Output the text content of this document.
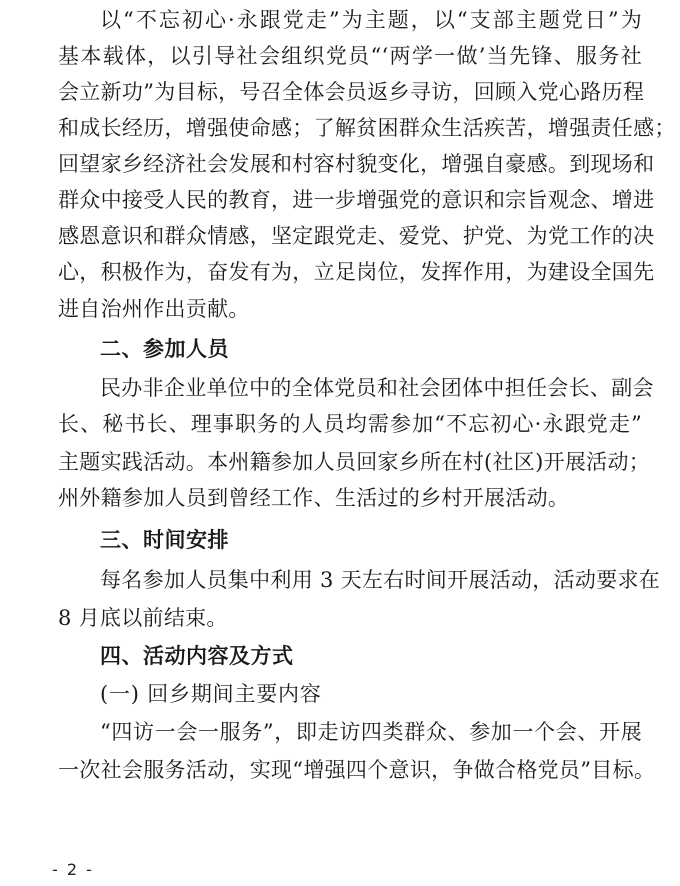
以“不忘初心·永跟党走”为主题，以“支部主题党日”为
基本载体，以引导社会组织党员“‘两学一做’当先锋、服务社
会立新功”为目标，号召全体会员返乡寻访，回顾入党心路历程
和成长经历，增强使命感；了解贫困群众生活疾苦，增强责任感；
回望家乡经济社会发展和村容村貌变化，增强自豪感。到现场和
群众中接受人民的教育，进一步增强党的意识和宗旨观念、增进
感恩意识和群众情感，坚定跟党走、爱党、护党、为党工作的决
心，积极作为，奋发有为，立足岗位，发挥作用，为建设全国先
进自治州作出贡献。
二、参加人员
民办非企业单位中的全体党员和社会团体中担任会长、副会
长、秘书长、理事职务的人员均需参加“不忘初心·永跟党走”
主题实践活动。本州籍参加人员回家乡所在村(社区)开展活动；
州外籍参加人员到曾经工作、生活过的乡村开展活动。
三、时间安排
每名参加人员集中利用 3 天左右时间开展活动，活动要求在
8 月底以前结束。
四、活动内容及方式
(一) 回乡期间主要内容
“四访一会一服务”，即走访四类群众、参加一个会、开展
一次社会服务活动，实现“增强四个意识，争做合格党员”目标。
- 2 -
